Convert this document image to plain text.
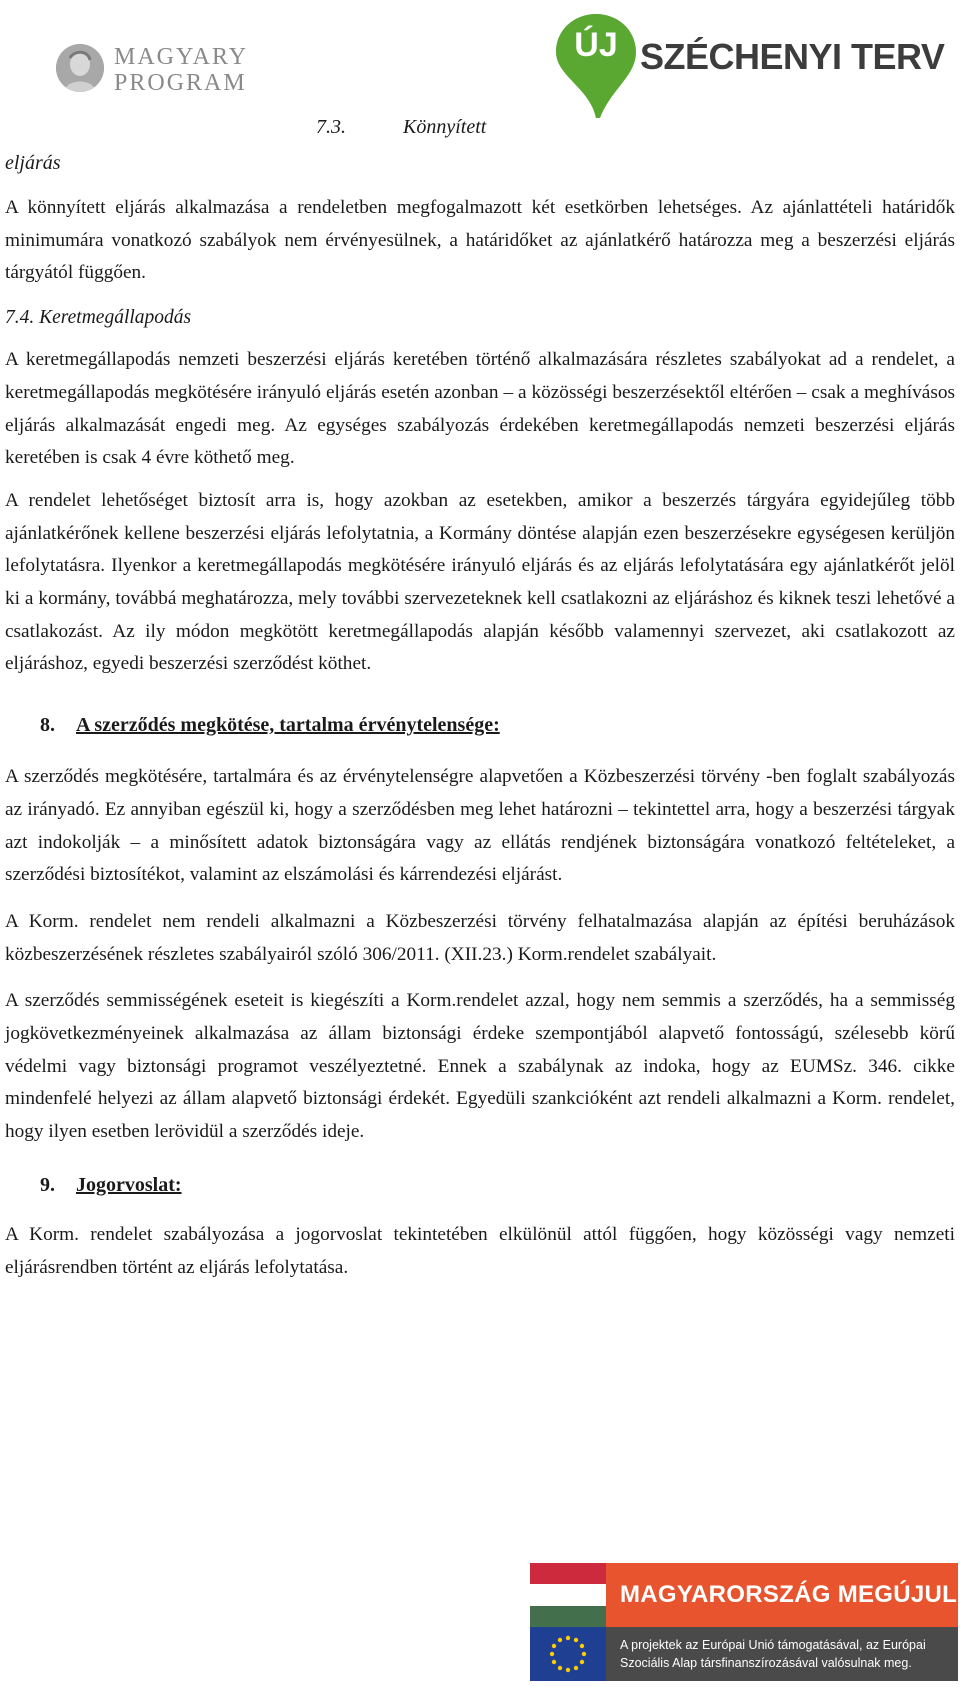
MAGYARY
PROGRAM
ÚJ SZÉCHENYI TERV
7.3.	Könnyített
eljárás

A könnyített eljárás alkalmazása a rendeletben megfogalmazott két esetkörben lehetséges. Az ajánlattételi határidők minimumára vonatkozó szabályok nem érvényesülnek, a határidőket az ajánlatkérő határozza meg a beszerzési eljárás tárgyától függően.

7.4. Keretmegállapodás

A keretmegállapodás nemzeti beszerzési eljárás keretében történő alkalmazására részletes szabályokat ad a rendelet, a keretmegállapodás megkötésére irányuló eljárás esetén azonban – a közösségi beszerzésektől eltérően – csak a meghívásos eljárás alkalmazását engedi meg. Az egységes szabályozás érdekében keretmegállapodás nemzeti beszerzési eljárás keretében is csak 4 évre köthető meg.

A rendelet lehetőséget biztosít arra is, hogy azokban az esetekben, amikor a beszerzés tárgyára egyidejűleg több ajánlatkérőnek kellene beszerzési eljárás lefolytatnia, a Kormány döntése alapján ezen beszerzésekre egységesen kerüljön lefolytatásra. Ilyenkor a keretmegállapodás megkötésére irányuló eljárás és az eljárás lefolytatására egy ajánlatkérőt jelöl ki a kormány, továbbá meghatározza, mely további szervezeteknek kell csatlakozni az eljáráshoz és kiknek teszi lehetővé a csatlakozást. Az ily módon megkötött keretmegállapodás alapján később valamennyi szervezet, aki csatlakozott az eljáráshoz, egyedi beszerzési szerződést köthet.

8. A szerződés megkötése, tartalma érvénytelensége:

A szerződés megkötésére, tartalmára és az érvénytelenségre alapvetően a Közbeszerzési törvény -ben foglalt szabályozás az irányadó. Ez annyiban egészül ki, hogy a szerződésben meg lehet határozni – tekintettel arra, hogy a beszerzési tárgyak azt indokolják – a minősített adatok biztonságára vagy az ellátás rendjének biztonságára vonatkozó feltételeket, a szerződési biztosítékot, valamint az elszámolási és kárrendezési eljárást.

A Korm. rendelet nem rendeli alkalmazni a Közbeszerzési törvény felhatalmazása alapján az építési beruházások közbeszerzésének részletes szabályairól szóló 306/2011. (XII.23.) Korm.rendelet szabályait.

A szerződés semmisségének eseteit is kiegészíti a Korm.rendelet azzal, hogy nem semmis a szerződés, ha a semmisség jogkövetkezményeinek alkalmazása az állam biztonsági érdeke szempontjából alapvető fontosságú, szélesebb körű védelmi vagy biztonsági programot veszélyeztetné. Ennek a szabálynak az indoka, hogy az EUMSz. 346. cikke mindenfelé helyezi az állam alapvető biztonsági érdekét. Egyedüli szankcióként azt rendeli alkalmazni a Korm. rendelet, hogy ilyen esetben lerövidül a szerződés ideje.

9. Jogorvoslat:

A Korm. rendelet szabályozása a jogorvoslat tekintetében elkülönül attól függően, hogy közösségi vagy nemzeti eljárásrendben történt az eljárás lefolytatása.

MAGYARORSZÁG MEGÚJUL
A projektek az Európai Unió támogatásával, az Európai
Szociális Alap társfinanszírozásával valósulnak meg.
